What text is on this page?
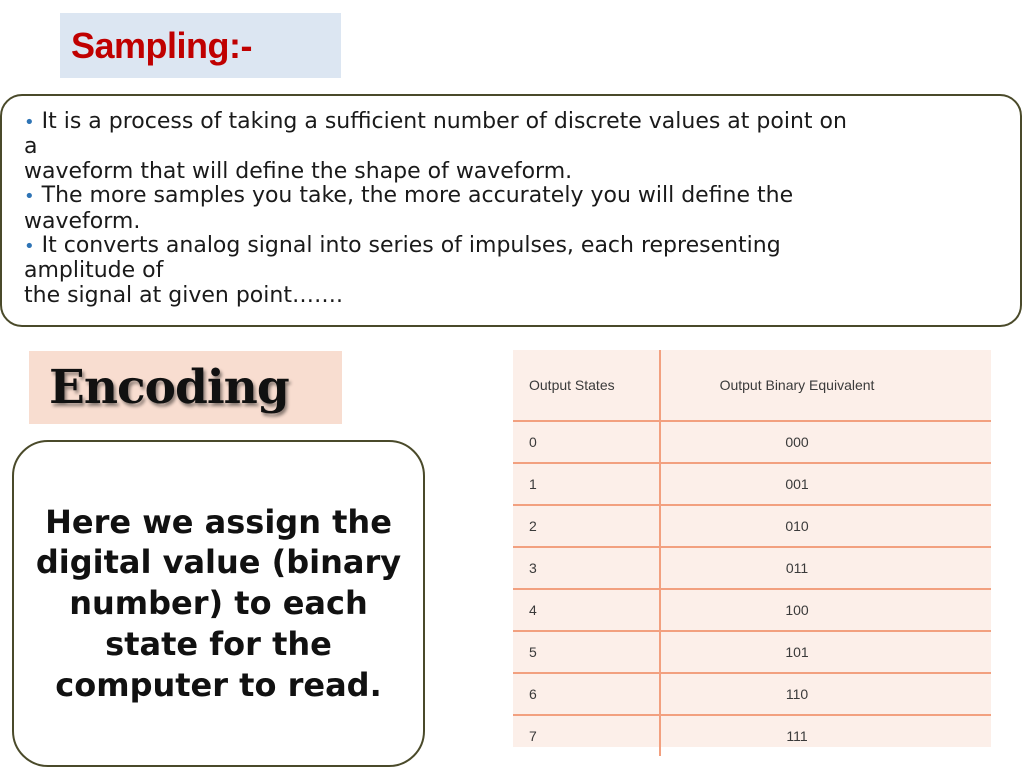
Sampling:-
• It is a process of taking a sufficient number of discrete values at point on
a
waveform that will define the shape of waveform.
• The more samples you take, the more accurately you will define the
waveform.
• It converts analog signal into series of impulses, each representing
amplitude of
the signal at given point…….
Encoding
Here we assign the digital value (binary number) to each state for the computer to read.
Output States	Output Binary Equivalent
0	000
1	001
2	010
3	011
4	100
5	101
6	110
7	111
